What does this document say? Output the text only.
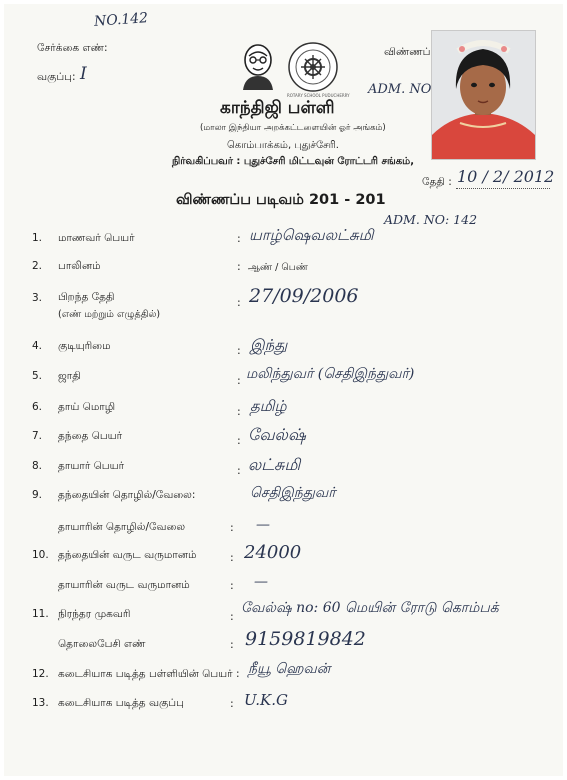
NO.142
சேர்க்கை எண்:
வகுப்பு: I
விண்ணப்
ROTARY SCHOOL PUDUCHERRY ADM. NO
காந்திஜி பள்ளி
(மாலா இந்தியா அறக்கட்டளையின் ஓர் அங்கம்)
கொம்பாக்கம், புதுச்சேரி.
நிர்வகிப்பவர் : புதுச்சேரி மிட்டவுன் ரோட்டரி சங்கம்,
தேதி : 10 / 2/ 2012
விண்ணப்ப படிவம் 201 - 201
ADM. NO: 142
1. மாணவர் பெயர்	: யாழ்ஷெவலட்சுமி
2. பாலினம்	: ஆண் / பெண்
3. பிறந்த தேதி
(எண் மற்றும் எழுத்தில்)
: 27/09/2006
4. குடியுரிமை	: இந்து
5. ஜாதி	: மலிந்துவர் (செதிஇந்துவர்)
6. தாய் மொழி	: தமிழ்
7. தந்தை பெயர்	: வேல்ஷ்
8. தாயார் பெயர்	: லட்சுமி
9. தந்தையின் தொழில்/வேலை:	செதிஇந்துவர்
தாயாரின் தொழில்/வேலை	: —
10. தந்தையின் வருட வருமானம்	: 24000
தாயாரின் வருட வருமானம்	: —
11. நிரந்தர முகவரி	:
வேல்ஷ் no: 60 மெயின் ரோடு கொம்பக்
தொலைபேசி எண்	: 9159819842
12. கடைசியாக படித்த பள்ளியின் பெயர் : நீயூ ஹெவன்
13. கடைசியாக படித்த வகுப்பு	: U.K.G
